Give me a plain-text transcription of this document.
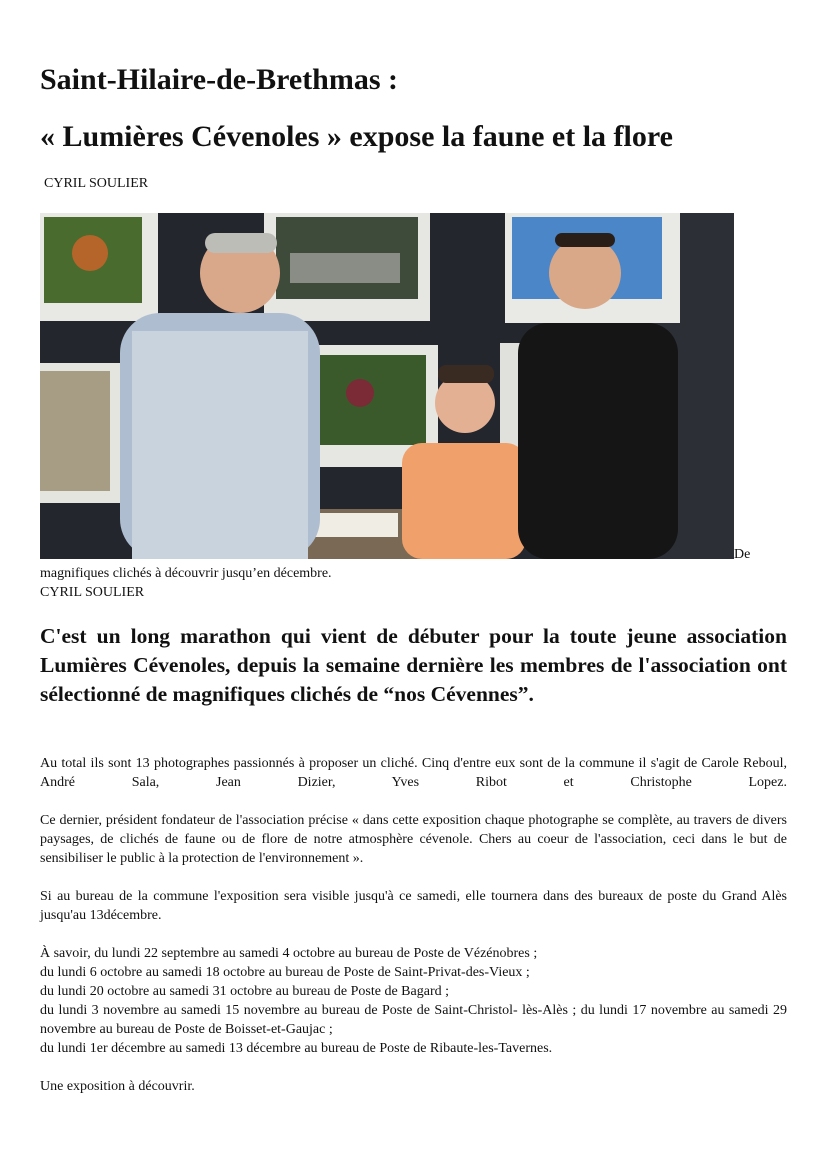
Saint-Hilaire-de-Brethmas :
« Lumières Cévenoles » expose la faune et la flore
CYRIL SOULIER
De
magnifiques clichés à découvrir jusqu’en décembre.
CYRIL SOULIER

C'est un long marathon qui vient de débuter pour la toute jeune association Lumières Cévenoles, depuis la semaine dernière les membres de l'association ont sélectionné de magnifiques clichés de “nos Cévennes”.

Au total ils sont 13 photographes passionnés à proposer un cliché. Cinq d'entre eux sont de la commune il s'agit de Carole Reboul, André Sala, Jean Dizier, Yves Ribot et Christophe Lopez.

Ce dernier, président fondateur de l'association précise « dans cette exposition chaque photographe se complète, au travers de divers paysages, de clichés de faune ou de flore de notre atmosphère cévenole. Chers au coeur de l'association, ceci dans le but de sensibiliser le public à la protection de l'environnement ».

Si au bureau de la commune l'exposition sera visible jusqu'à ce samedi, elle tournera dans des bureaux de poste du Grand Alès jusqu'au 13décembre.

À savoir, du lundi 22 septembre au samedi 4 octobre au bureau de Poste de Vézénobres ;

du lundi 6 octobre au samedi 18 octobre au bureau de Poste de Saint-Privat-des-Vieux ;

du lundi 20 octobre au samedi 31 octobre au bureau de Poste de Bagard ;

du lundi 3 novembre au samedi 15 novembre au bureau de Poste de Saint-Christol- lès-Alès ; du lundi 17 novembre au samedi 29 novembre au bureau de Poste de Boisset-et-Gaujac ;

du lundi 1er décembre au samedi 13 décembre au bureau de Poste de Ribaute-les-Tavernes.

Une exposition à découvrir.
